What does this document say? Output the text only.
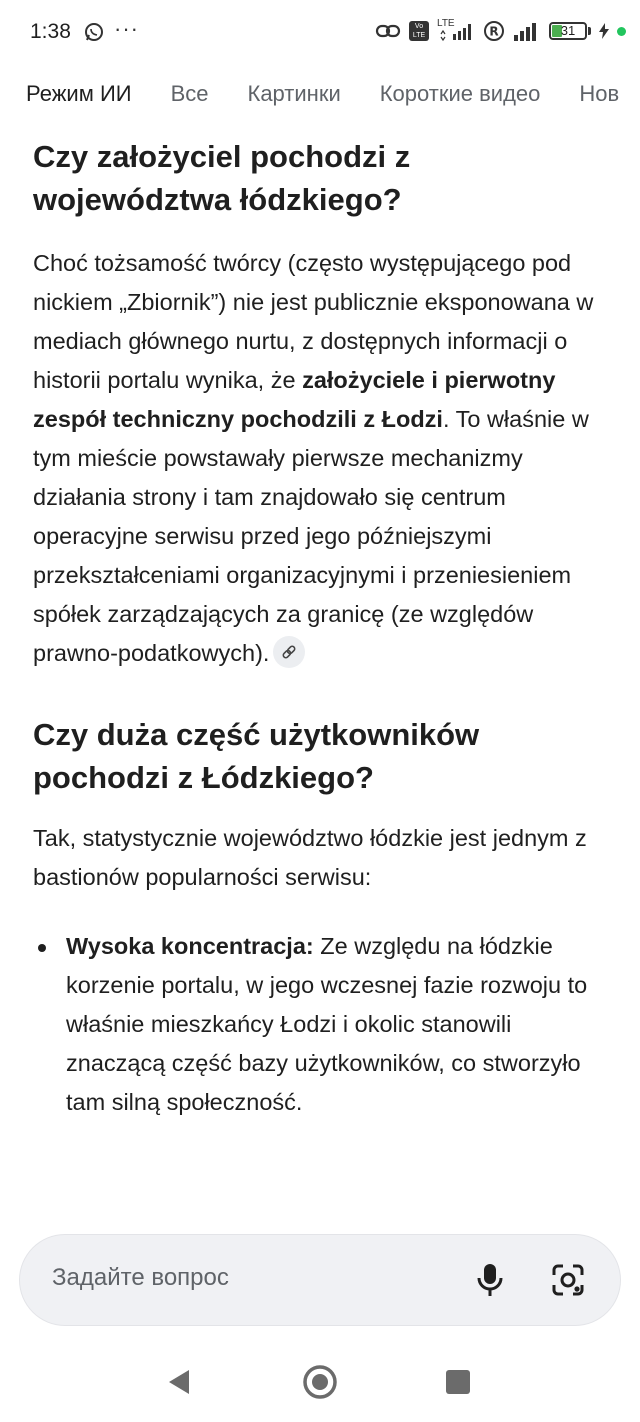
1:38 ···	Vo LTE
LTE
R	31
Режим ИИ Все Картинки Короткие видео Нов
Czy założyciel pochodzi z województwa łódzkiego?

Choć tożsamość twórcy (często występującego pod nickiem „Zbiornik”) nie jest publicznie eksponowana w mediach głównego nurtu, z dostępnych informacji o historii portalu wynika, że założyciele i pierwotny zespół techniczny pochodzili z Łodzi. To właśnie w tym mieście powstawały pierwsze mechanizmy działania strony i tam znajdowało się centrum operacyjne serwisu przed jego późniejszymi przekształceniami organizacyjnymi i przeniesieniem spółek zarządzających za granicę (ze względów prawno-podatkowych).

Czy duża część użytkowników pochodzi z Łódzkiego?

Tak, statystycznie województwo łódzkie jest jednym z bastionów popularności serwisu:

Wysoka koncentracja: Ze względu na łódzkie korzenie portalu, w jego wczesnej fazie rozwoju to właśnie mieszkańcy Łodzi i okolic stanowili znaczącą część bazy użytkowników, co stworzyło tam silną społeczność.
Задайте вопрос
